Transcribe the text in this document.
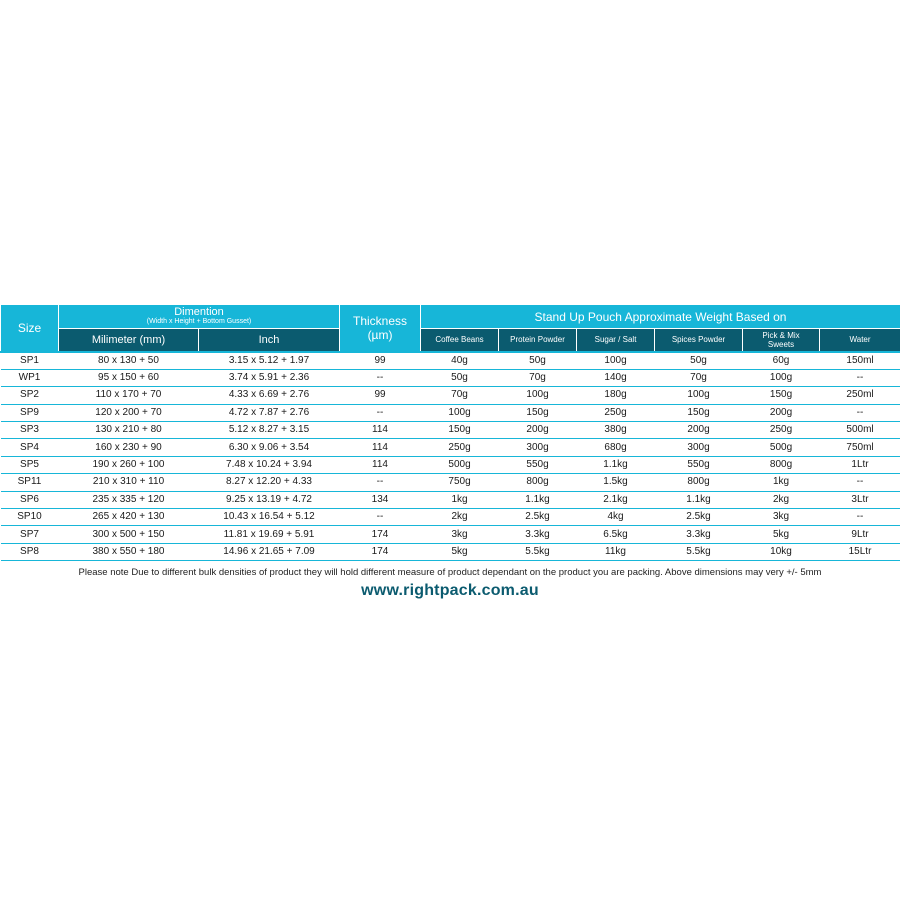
Size	Dimention
(Width x Height + Bottom Gusset)		Thickness
(µm)	Stand Up Pouch Approximate Weight Based on					
	Milimeter (mm)	Inch		Coffee Beans	Protein Powder	Sugar / Salt	Spices Powder	Pick & Mix Sweets	Water
SP1	80 x 130 + 50	3.15 x 5.12 + 1.97	99	40g	50g	100g	50g	60g	150ml
WP1	95 x 150 + 60	3.74 x 5.91 + 2.36	--	50g	70g	140g	70g	100g	--
SP2	110 x 170 + 70	4.33 x 6.69 + 2.76	99	70g	100g	180g	100g	150g	250ml
SP9	120 x 200 + 70	4.72 x 7.87 + 2.76	--	100g	150g	250g	150g	200g	--
SP3	130 x 210 + 80	5.12 x 8.27 + 3.15	114	150g	200g	380g	200g	250g	500ml
SP4	160 x 230 + 90	6.30 x 9.06 + 3.54	114	250g	300g	680g	300g	500g	750ml
SP5	190 x 260 + 100	7.48 x 10.24 + 3.94	114	500g	550g	1.1kg	550g	800g	1Ltr
SP11	210 x 310 + 110	8.27 x 12.20 + 4.33	--	750g	800g	1.5kg	800g	1kg	--
SP6	235 x 335 + 120	9.25 x 13.19 + 4.72	134	1kg	1.1kg	2.1kg	1.1kg	2kg	3Ltr
SP10	265 x 420 + 130	10.43 x 16.54 + 5.12	--	2kg	2.5kg	4kg	2.5kg	3kg	--
SP7	300 x 500 + 150	11.81 x 19.69 + 5.91	174	3kg	3.3kg	6.5kg	3.3kg	5kg	9Ltr
SP8	380 x 550 + 180	14.96 x 21.65 + 7.09	174	5kg	5.5kg	11kg	5.5kg	10kg	15Ltr
Please note Due to different bulk densities of product they will hold different measure of product dependant on the product you are packing. Above dimensions may very +/- 5mm
www.rightpack.com.au
